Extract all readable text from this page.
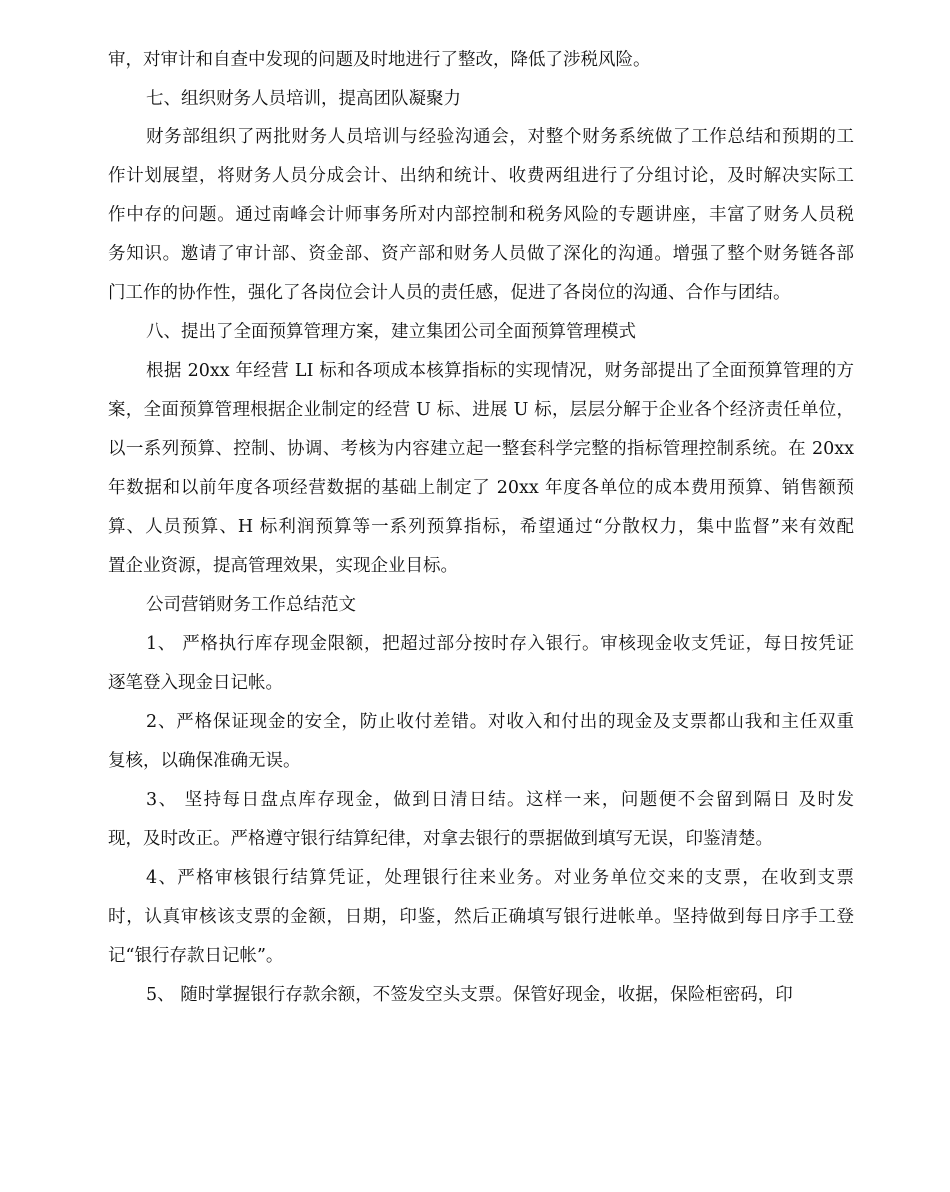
审，对审计和自查中发现的问题及时地进行了整改，降低了涉税风险。
七、组织财务人员培训，提高团队凝聚力
财务部组织了两批财务人员培训与经验沟通会，对整个财务系统做了工作总结和预期的工
作计划展望，将财务人员分成会计、出纳和统计、收费两组进行了分组讨论，及时解决实际工
作中存的问题。通过南峰会计师事务所对内部控制和税务风险的专题讲座，丰富了财务人员税
务知识。邀请了审计部、资金部、资产部和财务人员做了深化的沟通。增强了整个财务链各部
门工作的协作性，强化了各岗位会计人员的责任感，促进了各岗位的沟通、合作与团结。
八、提出了全面预算管理方案，建立集团公司全面预算管理模式
根据 20xx 年经营 LI 标和各项成本核算指标的实现情况，财务部提出了全面预算管理的方
案，全面预算管理根据企业制定的经营 U 标、进展 U 标，层层分解于企业各个经济责任单位，
以一系列预算、控制、协调、考核为内容建立起一整套科学完整的指标管理控制系统。在 20xx
年数据和以前年度各项经营数据的基础上制定了 20xx 年度各单位的成本费用预算、销售额预
算、人员预算、H 标利润预算等一系列预算指标，希望通过“分散权力，集中监督”来有效配
置企业资源，提高管理效果，实现企业目标。
公司营销财务工作总结范文
1、 严格执行库存现金限额，把超过部分按时存入银行。审核现金收支凭证，每日按凭证
逐笔登入现金日记帐。
2、严格保证现金的安全，防止收付差错。对收入和付出的现金及支票都山我和主任双重
复核，以确保准确无误。
3、 坚持每日盘点库存现金，做到日清日结。这样一来，问题便不会留到隔日 及时发
现，及时改正。严格遵守银行结算纪律，对拿去银行的票据做到填写无误，印鉴清楚。
4、严格审核银行结算凭证，处理银行往来业务。对业务单位交来的支票，在收到支票
时，认真审核该支票的金额，日期，印鉴，然后正确填写银行进帐单。坚持做到每日序手工登
记“银行存款日记帐”。
5、 随时掌握银行存款余额，不签发空头支票。保管好现金，收据，保险柜密码，印
